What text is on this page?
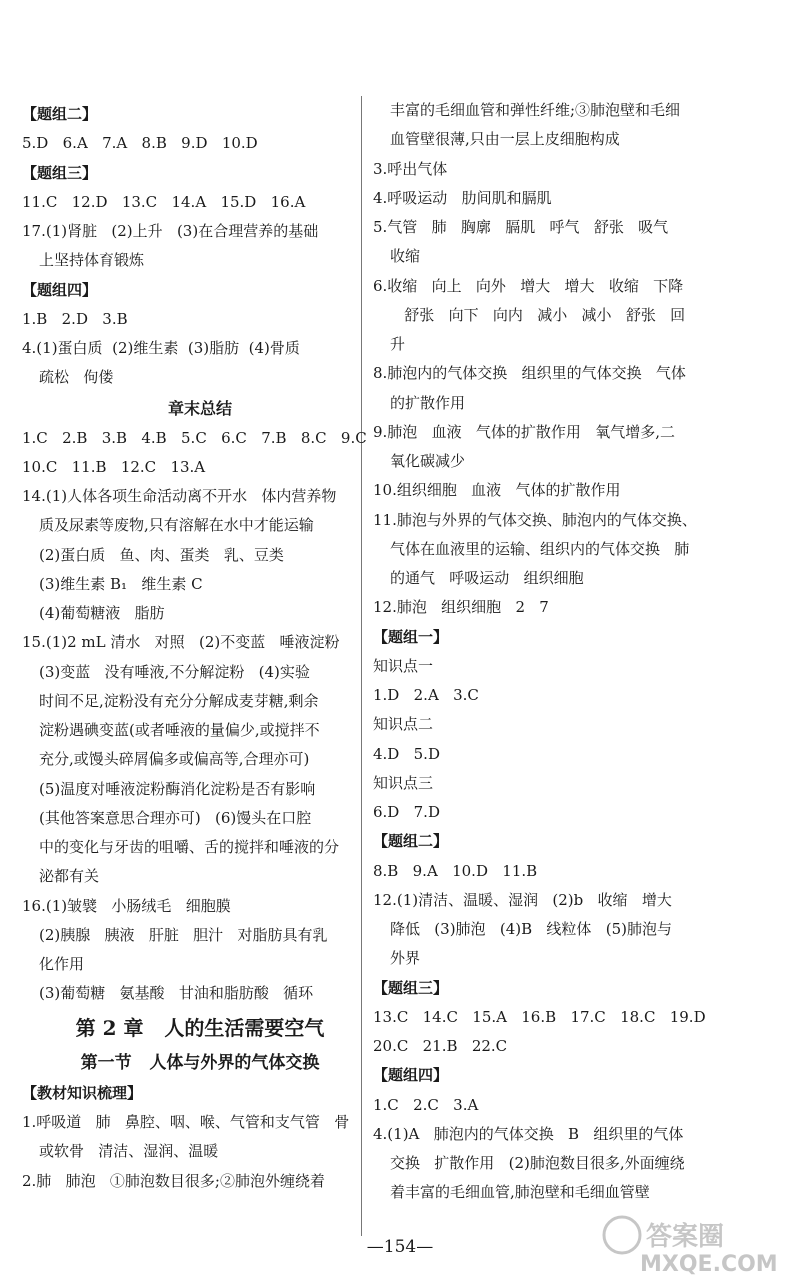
【题组二】
5.D   6.A   7.A   8.B   9.D   10.D
【题组三】
11.C   12.D   13.C   14.A   15.D   16.A
17.(1)肾脏   (2)上升   (3)在合理营养的基础
上坚持体育锻炼
【题组四】
1.B   2.D   3.B
4.(1)蛋白质  (2)维生素  (3)脂肪  (4)骨质
疏松   佝偻
章末总结
1.C   2.B   3.B   4.B   5.C   6.C   7.B   8.C   9.C
10.C   11.B   12.C   13.A
14.(1)人体各项生命活动离不开水   体内营养物
质及尿素等废物,只有溶解在水中才能运输
(2)蛋白质   鱼、肉、蛋类   乳、豆类
(3)维生素 B₁   维生素 C
(4)葡萄糖液   脂肪
15.(1)2 mL 清水   对照   (2)不变蓝   唾液淀粉
(3)变蓝   没有唾液,不分解淀粉   (4)实验
时间不足,淀粉没有充分分解成麦芽糖,剩余
淀粉遇碘变蓝(或者唾液的量偏少,或搅拌不
充分,或馒头碎屑偏多或偏高等,合理亦可)
(5)温度对唾液淀粉酶消化淀粉是否有影响
(其他答案意思合理亦可)   (6)馒头在口腔
中的变化与牙齿的咀嚼、舌的搅拌和唾液的分
泌都有关
16.(1)皱襞   小肠绒毛   细胞膜
(2)胰腺   胰液   肝脏   胆汁   对脂肪具有乳
化作用
(3)葡萄糖   氨基酸   甘油和脂肪酸   循环
第 2 章   人的生活需要空气
第一节   人体与外界的气体交换
【教材知识梳理】
1.呼吸道   肺   鼻腔、咽、喉、气管和支气管   骨
或软骨   清洁、湿润、温暖
2.肺   肺泡   ①肺泡数目很多;②肺泡外缠绕着
丰富的毛细血管和弹性纤维;③肺泡壁和毛细
血管壁很薄,只由一层上皮细胞构成
3.呼出气体
4.呼吸运动   肋间肌和膈肌
5.气管   肺   胸廓   膈肌   呼气   舒张   吸气
收缩
6.收缩   向上   向外   增大   增大   收缩   下降
舒张   向下   向内   减小   减小   舒张   回
升
8.肺泡内的气体交换   组织里的气体交换   气体
的扩散作用
9.肺泡   血液   气体的扩散作用   氧气增多,二
氧化碳减少
10.组织细胞   血液   气体的扩散作用
11.肺泡与外界的气体交换、肺泡内的气体交换、
气体在血液里的运输、组织内的气体交换   肺
的通气   呼吸运动   组织细胞
12.肺泡   组织细胞   2   7
【题组一】
知识点一
1.D   2.A   3.C
知识点二
4.D   5.D
知识点三
6.D   7.D
【题组二】
8.B   9.A   10.D   11.B
12.(1)清洁、温暖、湿润   (2)b   收缩   增大
降低   (3)肺泡   (4)B   线粒体   (5)肺泡与
外界
【题组三】
13.C   14.C   15.A   16.B   17.C   18.C   19.D
20.C   21.B   22.C
【题组四】
1.C   2.C   3.A
4.(1)A   肺泡内的气体交换   B   组织里的气体
交换   扩散作用   (2)肺泡数目很多,外面缠绕
着丰富的毛细血管,肺泡壁和毛细血管壁
—154—	答案圈
MXQE.COM
